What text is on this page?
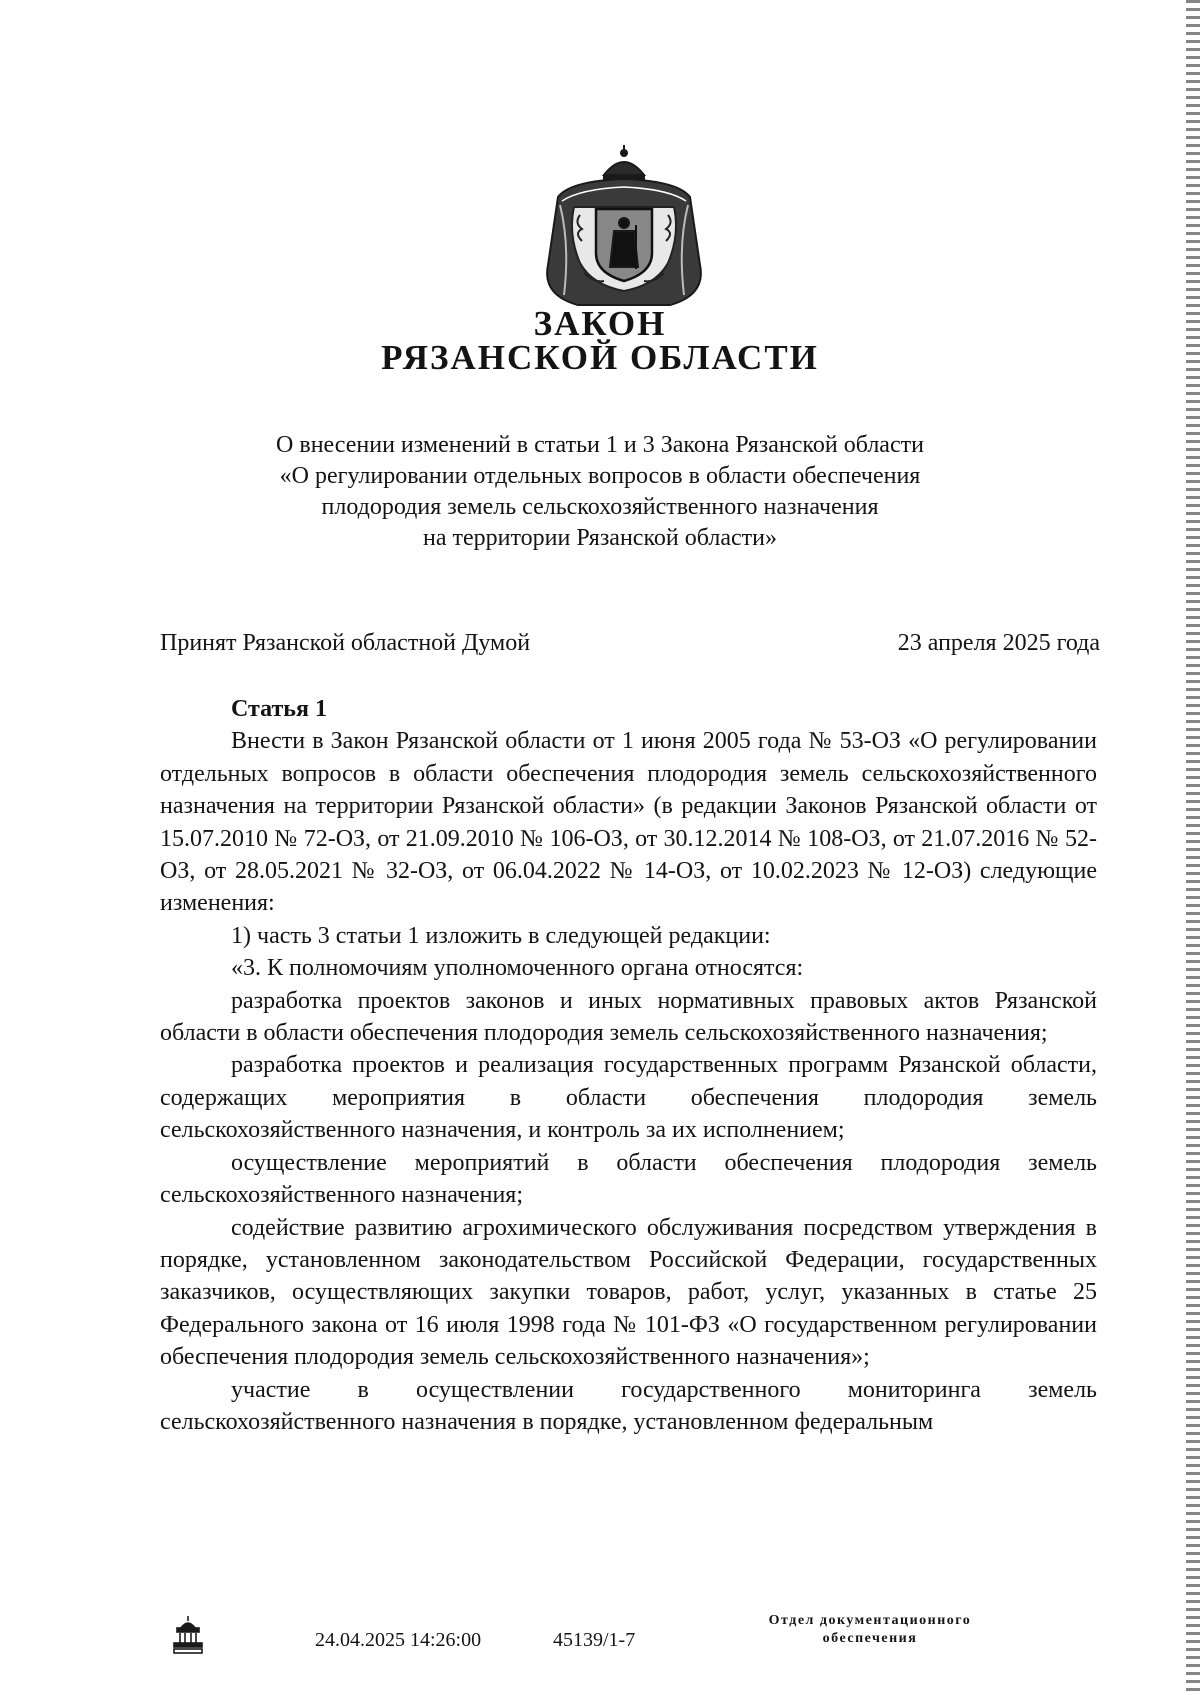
ЗАКОН
РЯЗАНСКОЙ ОБЛАСТИ
О внесении изменений в статьи 1 и 3 Закона Рязанской области
«О регулировании отдельных вопросов в области обеспечения
плодородия земель сельскохозяйственного назначения
на территории Рязанской области»
Принят Рязанской областной Думой	23 апреля 2025 года

Статья 1

Внести в Закон Рязанской области от 1 июня 2005 года № 53-ОЗ «О регулировании отдельных вопросов в области обеспечения плодородия земель сельскохозяйственного назначения на территории Рязанской области» (в редакции Законов Рязанской области от 15.07.2010 № 72-ОЗ, от 21.09.2010 № 106-ОЗ, от 30.12.2014 № 108-ОЗ, от 21.07.2016 № 52-ОЗ, от 28.05.2021 № 32-ОЗ, от 06.04.2022 № 14-ОЗ, от 10.02.2023 № 12-ОЗ) следующие изменения:

1) часть 3 статьи 1 изложить в следующей редакции:

«3. К полномочиям уполномоченного органа относятся:

разработка проектов законов и иных нормативных правовых актов Рязанской области в области обеспечения плодородия земель сельскохозяйственного назначения;

разработка проектов и реализация государственных программ Рязанской области, содержащих мероприятия в области обеспечения плодородия земель сельскохозяйственного назначения, и контроль за их исполнением;

осуществление мероприятий в области обеспечения плодородия земель сельскохозяйственного назначения;

содействие развитию агрохимического обслуживания посредством утверждения в порядке, установленном законодательством Российской Федерации, государственных заказчиков, осуществляющих закупки товаров, работ, услуг, указанных в статье 25 Федерального закона от 16 июля 1998 года № 101-ФЗ «О государственном регулировании обеспечения плодородия земель сельскохозяйственного назначения»;

участие в осуществлении государственного мониторинга земель сельскохозяйственного назначения в порядке, установленном федеральным

24.04.2025 14:26:00	45139/1-7
Отдел документационного
обеспечения
